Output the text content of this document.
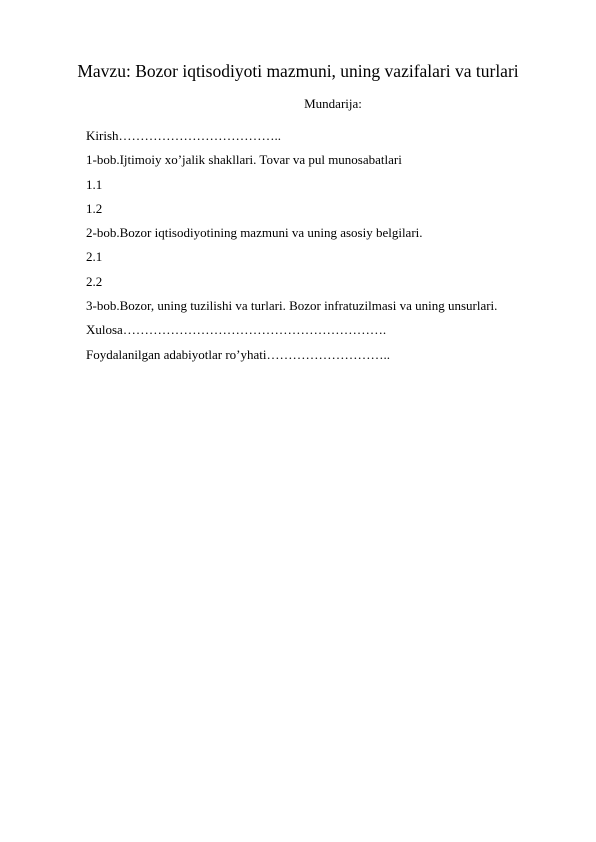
Mavzu: Bozor iqtisodiyoti mazmuni, uning vazifalari va turlari
Mundarija:
Kirish………………………………..
1-bob.Ijtimoiy xo’jalik shakllari. Tovar va pul munosabatlari
1.1
1.2
2-bob.Bozor iqtisodiyotining mazmuni va uning asosiy belgilari.
2.1
2.2
3-bob.Bozor, uning tuzilishi va turlari. Bozor infratuzilmasi va uning unsurlari.
Xulosa…………………………………………………….
Foydalanilgan adabiyotlar ro’yhati………………………..
